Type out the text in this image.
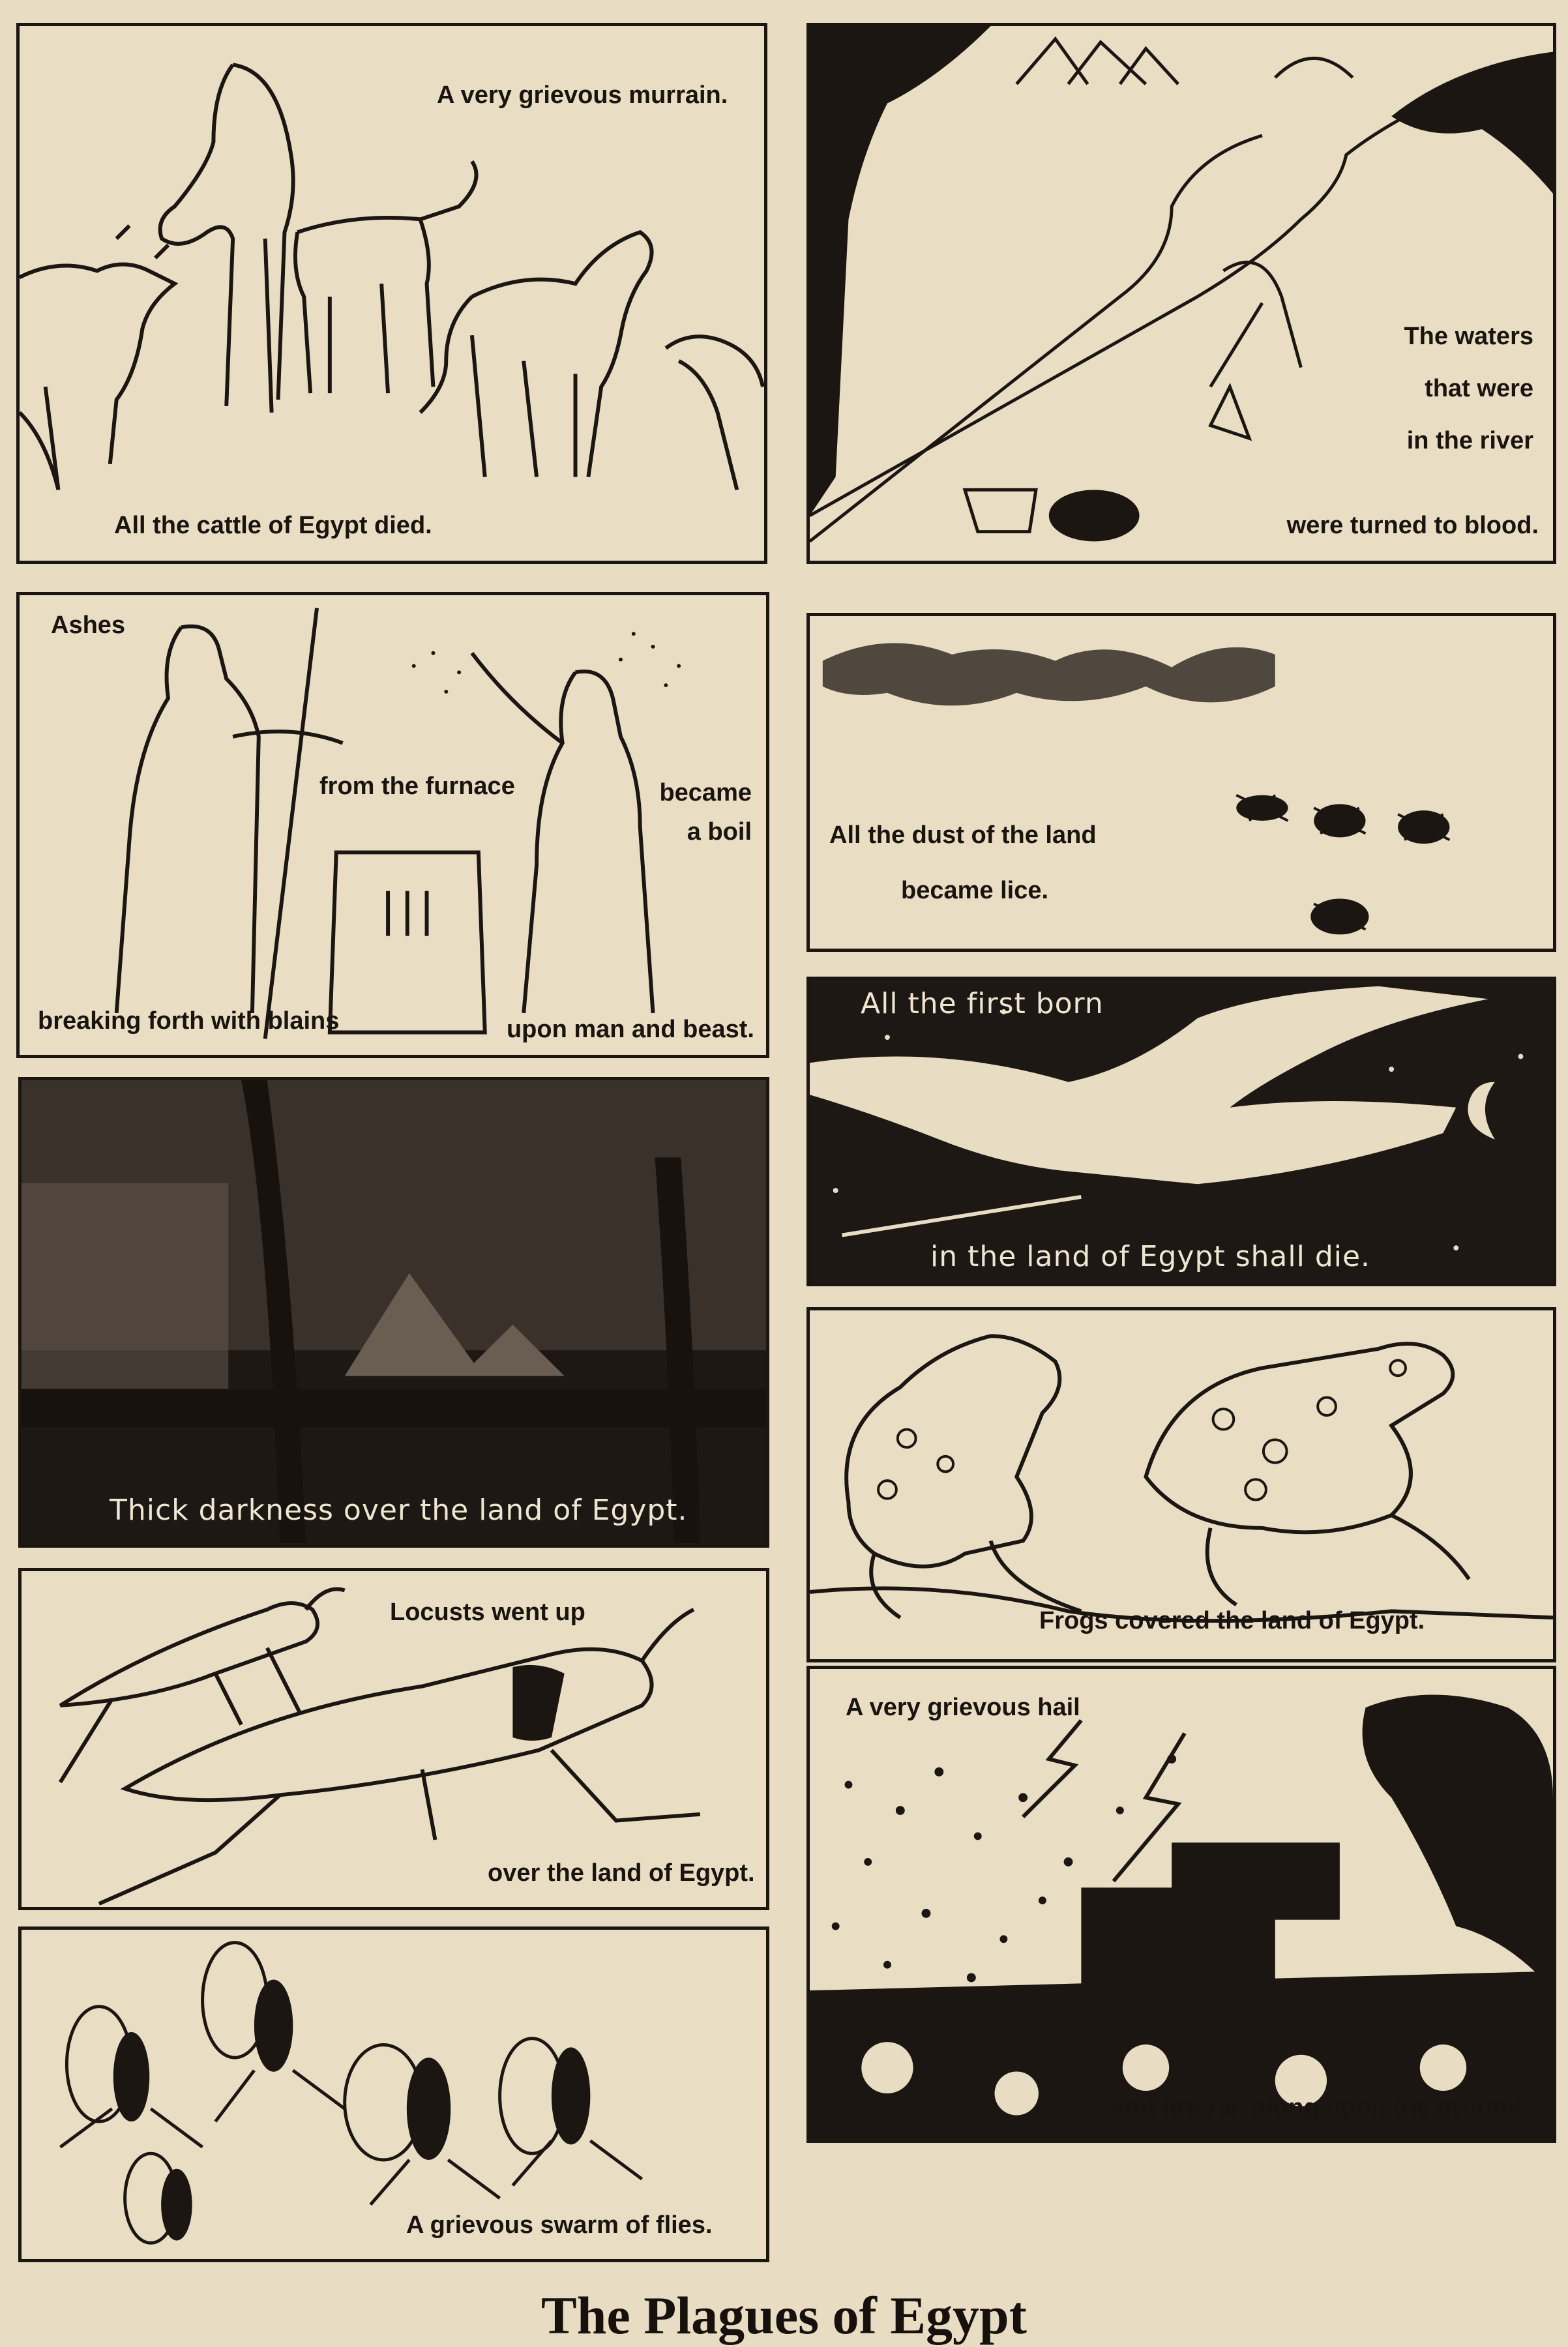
A very grievous murrain.
All the cattle of Egypt died.
The waters
that were
in the river
were turned to blood.
Ashes
from the furnace	became
a boil
breaking forth with blains	upon man and beast.
All the dust of the land
became lice.
All the first born
in the land of Egypt shall die.
Thick darkness over the land of Egypt.
Frogs covered the land of Egypt.
Locusts went up
over the land of Egypt.
A very grievous hail
and fire ran along upon the ground.
A grievous swarm of flies.
The Plagues of Egypt
